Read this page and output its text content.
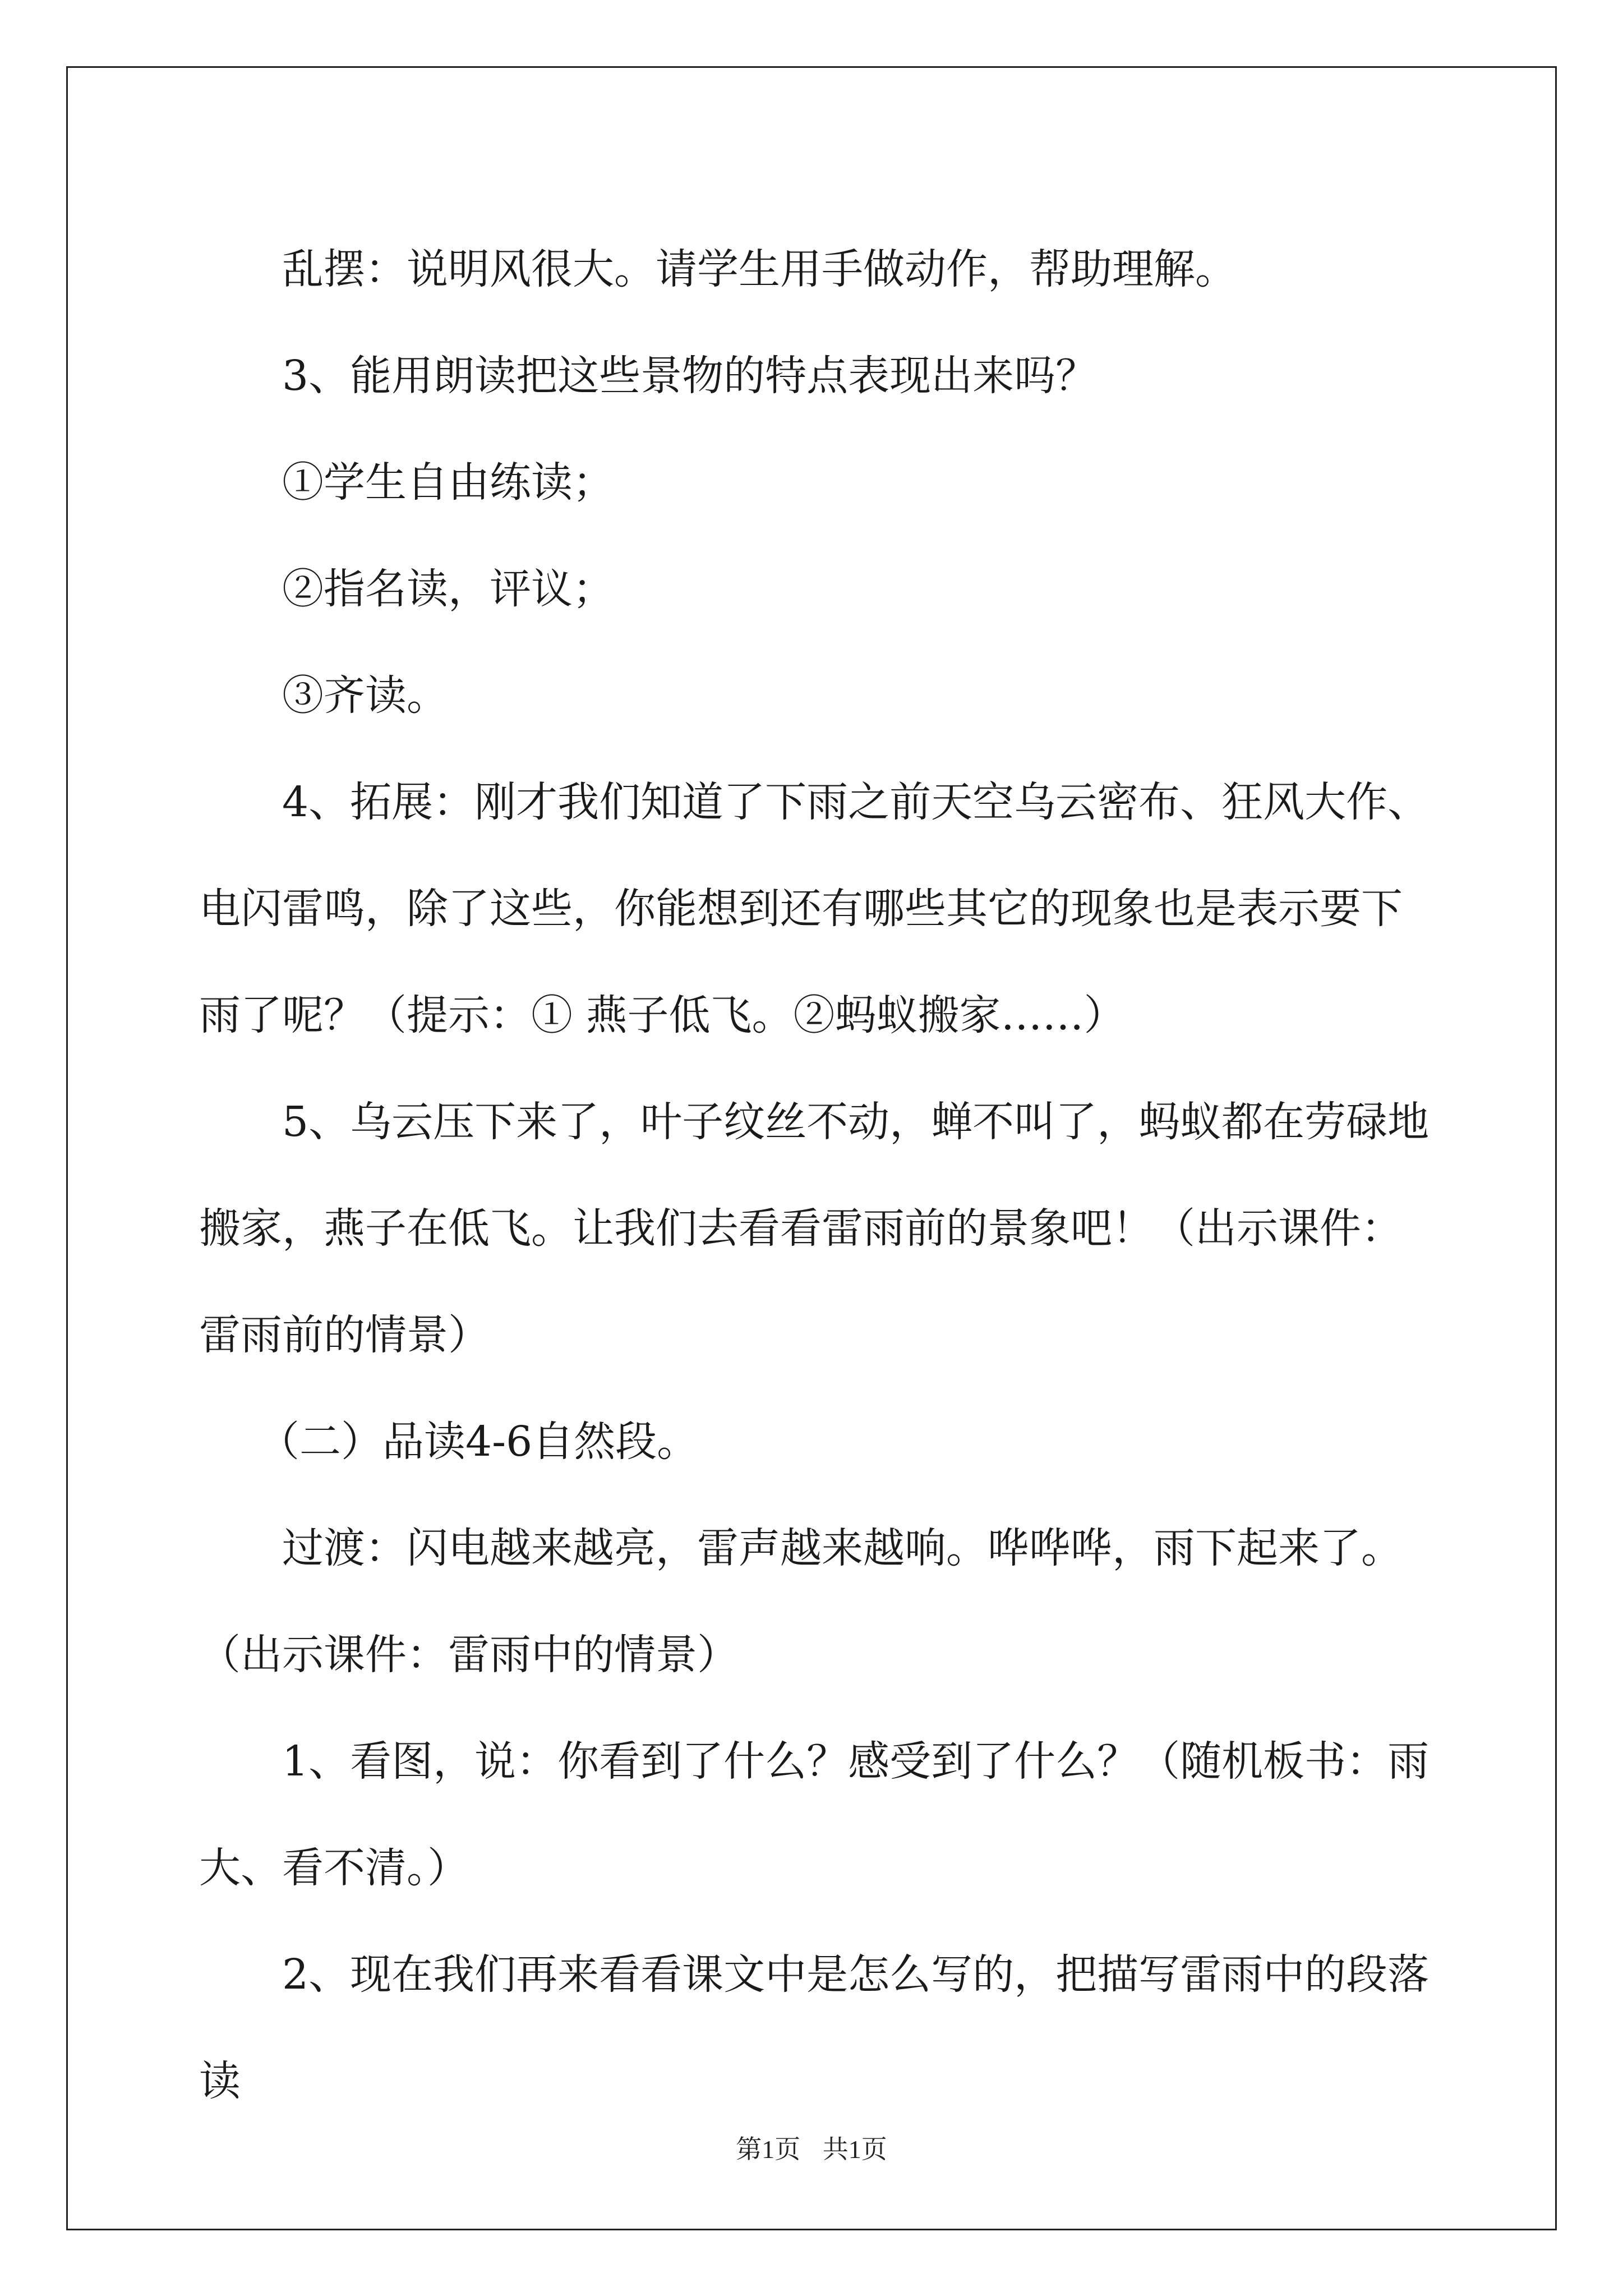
乱摆：说明风很大。请学生用手做动作，帮助理解。

3、能用朗读把这些景物的特点表现出来吗？

①学生自由练读；

②指名读，评议；

③齐读。

4、拓展：刚才我们知道了下雨之前天空乌云密布、狂风大作、电闪雷鸣，除了这些，你能想到还有哪些其它的现象也是表示要下雨了呢？（提示：① 燕子低飞。②蚂蚁搬家……）

5、乌云压下来了，叶子纹丝不动，蝉不叫了，蚂蚁都在劳碌地搬家，燕子在低飞。让我们去看看雷雨前的景象吧！（出示课件：雷雨前的情景）

（二）品读4-6自然段。

过渡：闪电越来越亮，雷声越来越响。哗哗哗，雨下起来了。（出示课件：雷雨中的情景）

1、看图，说：你看到了什么？感受到了什么？（随机板书：雨大、看不清。）

2、现在我们再来看看课文中是怎么写的，把描写雷雨中的段落读

第1页 共1页
